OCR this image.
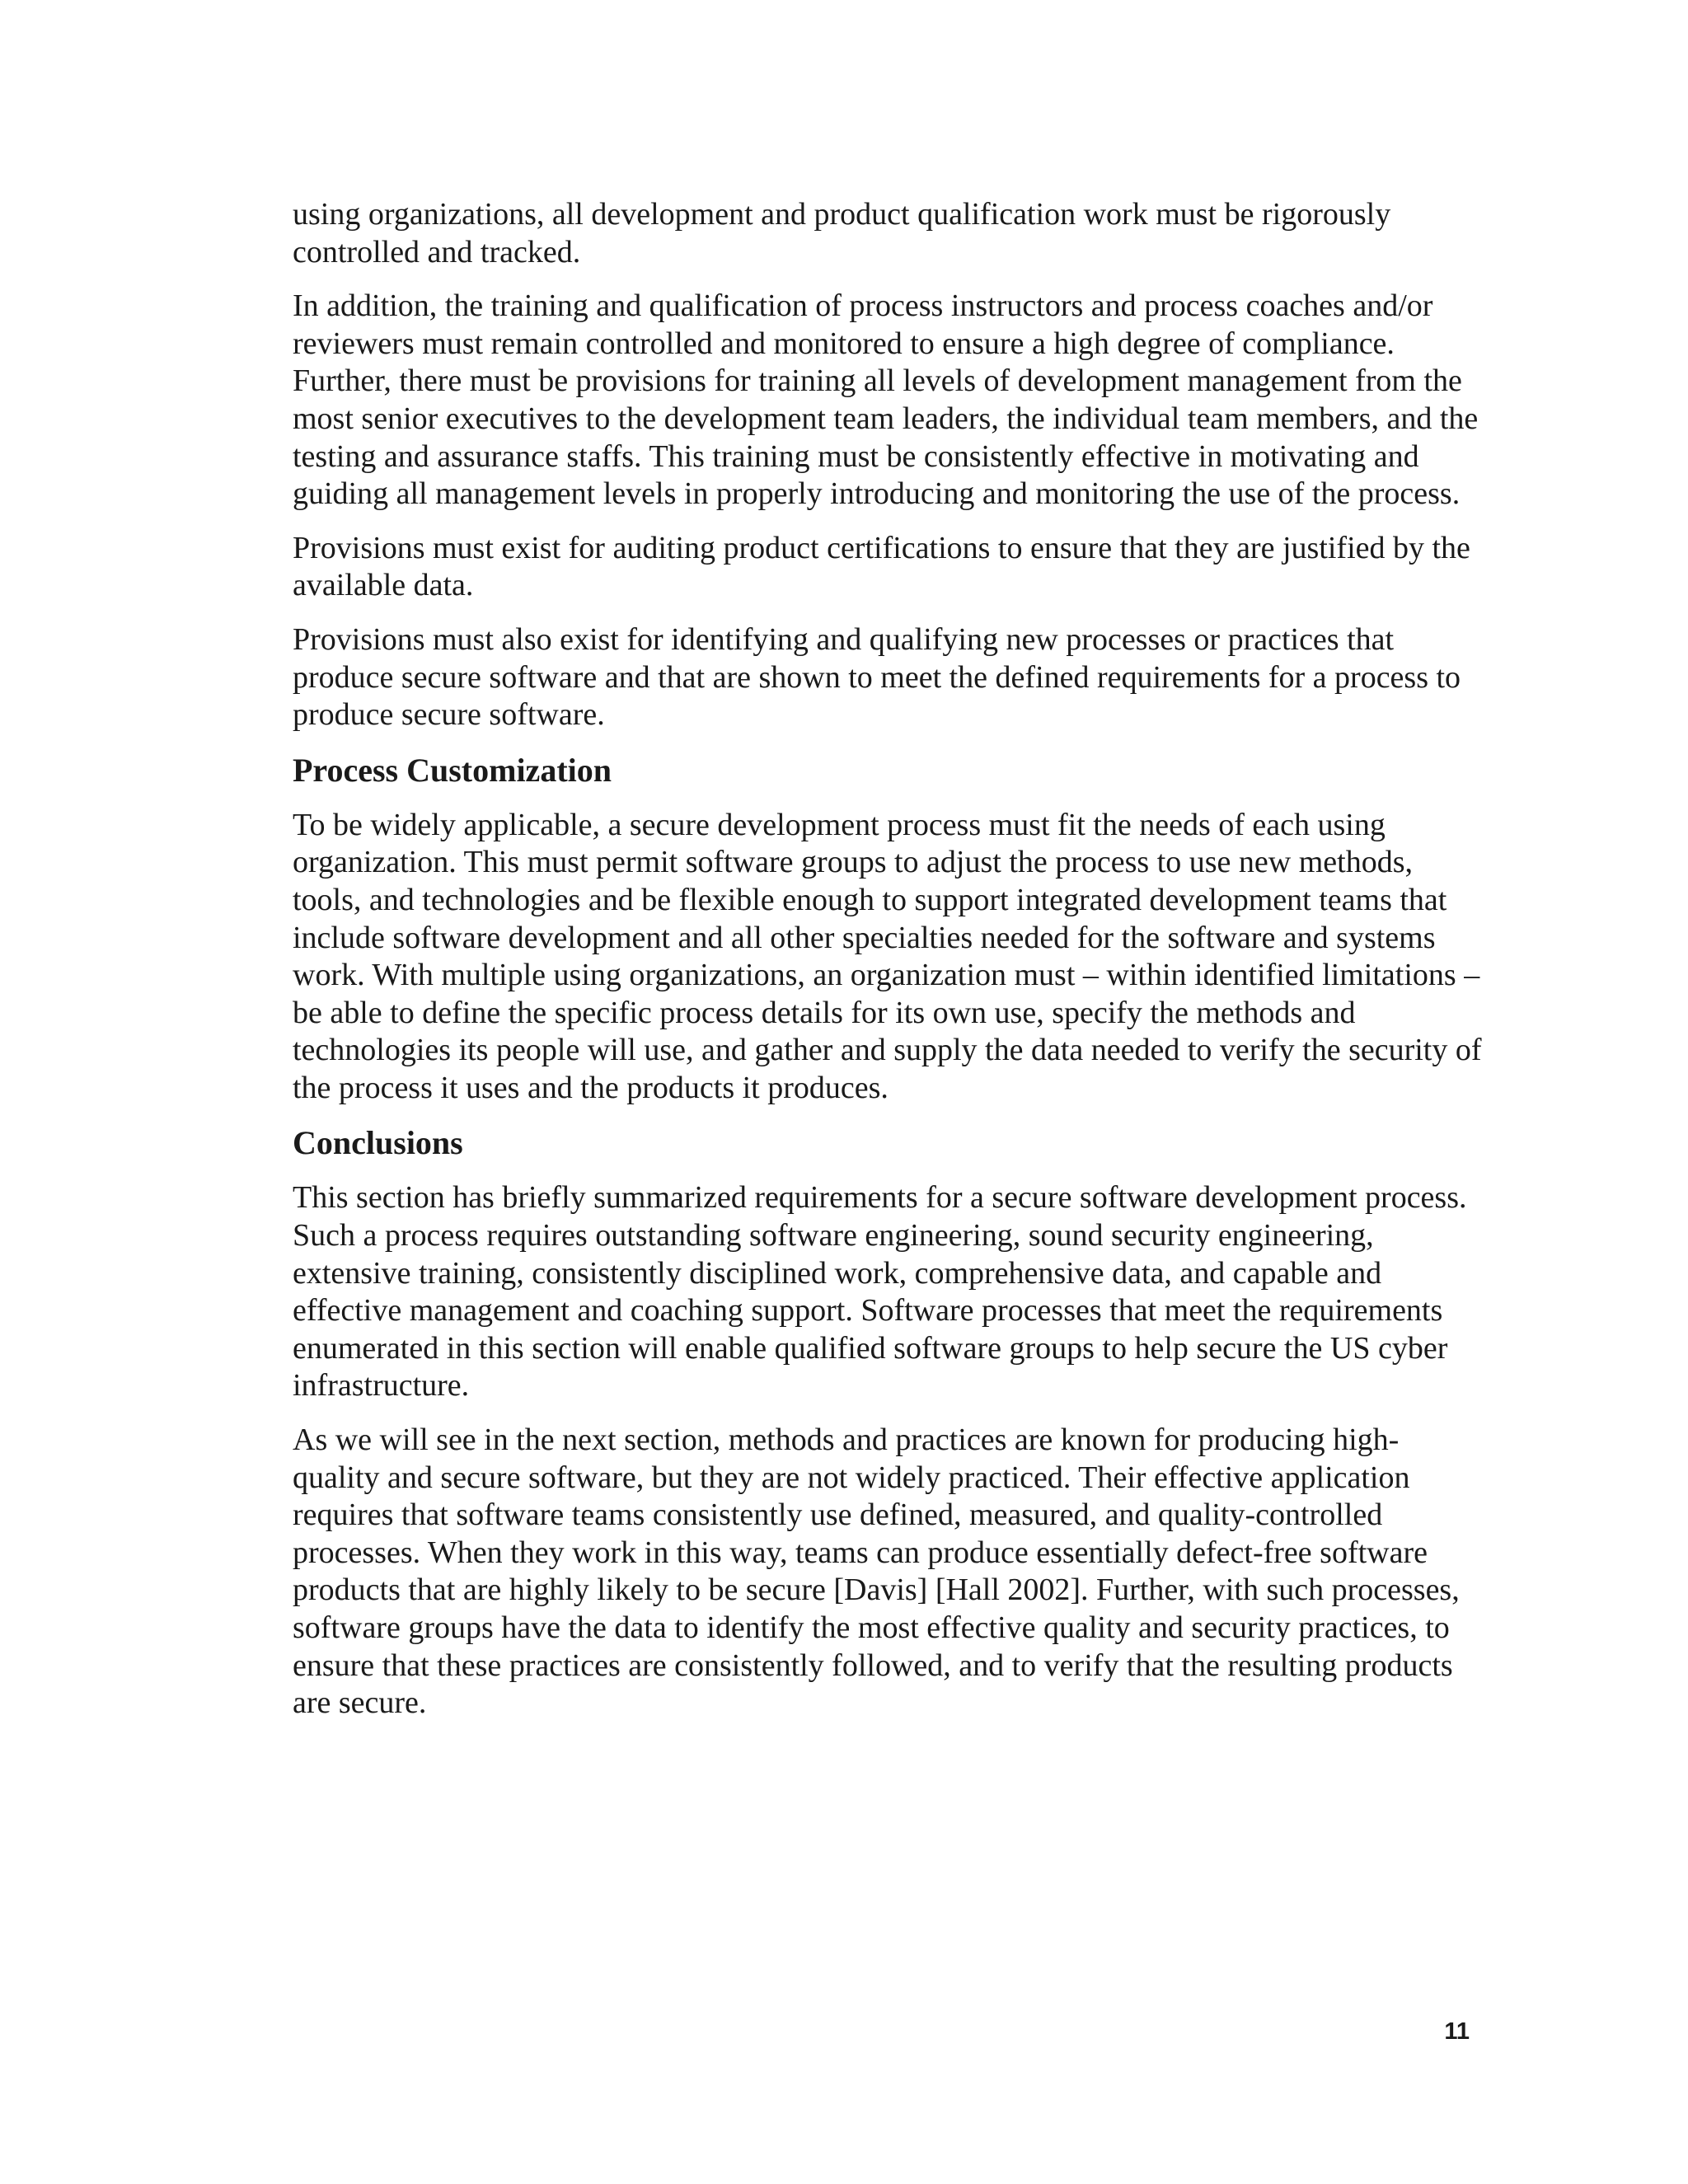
using organizations, all development and product qualification work must be rigorously controlled and tracked.

In addition, the training and qualification of process instructors and process coaches and/or reviewers must remain controlled and monitored to ensure a high degree of compliance. Further, there must be provisions for training all levels of development management from the most senior executives to the development team leaders, the individual team members, and the testing and assurance staffs. This training must be consistently effective in motivating and guiding all management levels in properly introducing and monitoring the use of the process.

Provisions must exist for auditing product certifications to ensure that they are justified by the available data.

Provisions must also exist for identifying and qualifying new processes or practices that produce secure software and that are shown to meet the defined requirements for a process to produce secure software.

Process Customization

To be widely applicable, a secure development process must fit the needs of each using organization. This must permit software groups to adjust the process to use new methods, tools, and technologies and be flexible enough to support integrated development teams that include software development and all other specialties needed for the software and systems work. With multiple using organizations, an organization must – within identified limitations – be able to define the specific process details for its own use, specify the methods and technologies its people will use, and gather and supply the data needed to verify the security of the process it uses and the products it produces.

Conclusions

This section has briefly summarized requirements for a secure software development process. Such a process requires outstanding software engineering, sound security engineering, extensive training, consistently disciplined work, comprehensive data, and capable and effective management and coaching support. Software processes that meet the requirements enumerated in this section will enable qualified software groups to help secure the US cyber infrastructure.

As we will see in the next section, methods and practices are known for producing high-quality and secure software, but they are not widely practiced. Their effective application requires that software teams consistently use defined, measured, and quality-controlled processes. When they work in this way, teams can produce essentially defect-free software products that are highly likely to be secure [Davis] [Hall 2002]. Further, with such processes, software groups have the data to identify the most effective quality and security practices, to ensure that these practices are consistently followed, and to verify that the resulting products are secure.

11
